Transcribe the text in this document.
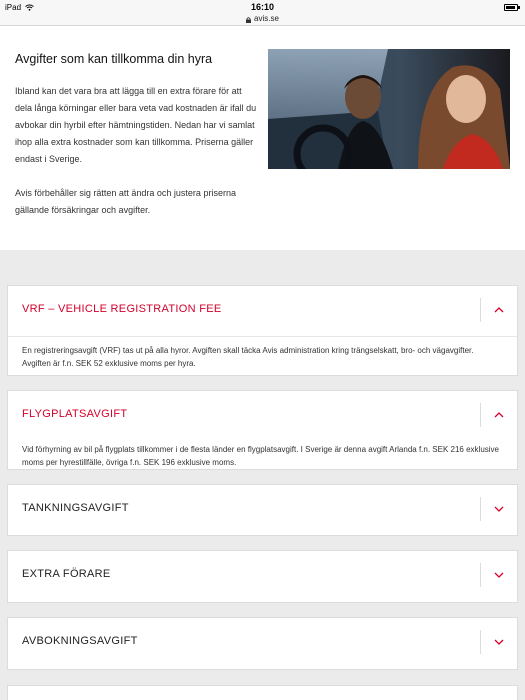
iPad	16:10
avis.se
Avgifter som kan tillkomma din hyra

Ibland kan det vara bra att lägga till en extra förare för att dela långa körningar eller bara veta vad kostnaden är ifall du avbokar din hyrbil efter hämtningstiden. Nedan har vi samlat ihop alla extra kostnader som kan tillkomma. Priserna gäller endast i Sverige.

Avis förbehåller sig rätten att ändra och justera priserna gällande försäkringar och avgifter.

VRF – VEHICLE REGISTRATION FEE
En registreringsavgift (VRF) tas ut på alla hyror. Avgiften skall täcka Avis administration kring trängselskatt, bro- och vägavgifter. Avgiften är f.n. SEK 52 exklusive moms per hyra.
FLYGPLATSAVGIFT
Vid förhyrning av bil på flygplats tillkommer i de flesta länder en flygplatsavgift. I Sverige är denna avgift Arlanda f.n. SEK 216 exklusive moms per hyrestillfälle, övriga f.n. SEK 196 exklusive moms.
TANKNINGSAVGIFT
EXTRA FÖRARE
AVBOKNINGSAVGIFT
